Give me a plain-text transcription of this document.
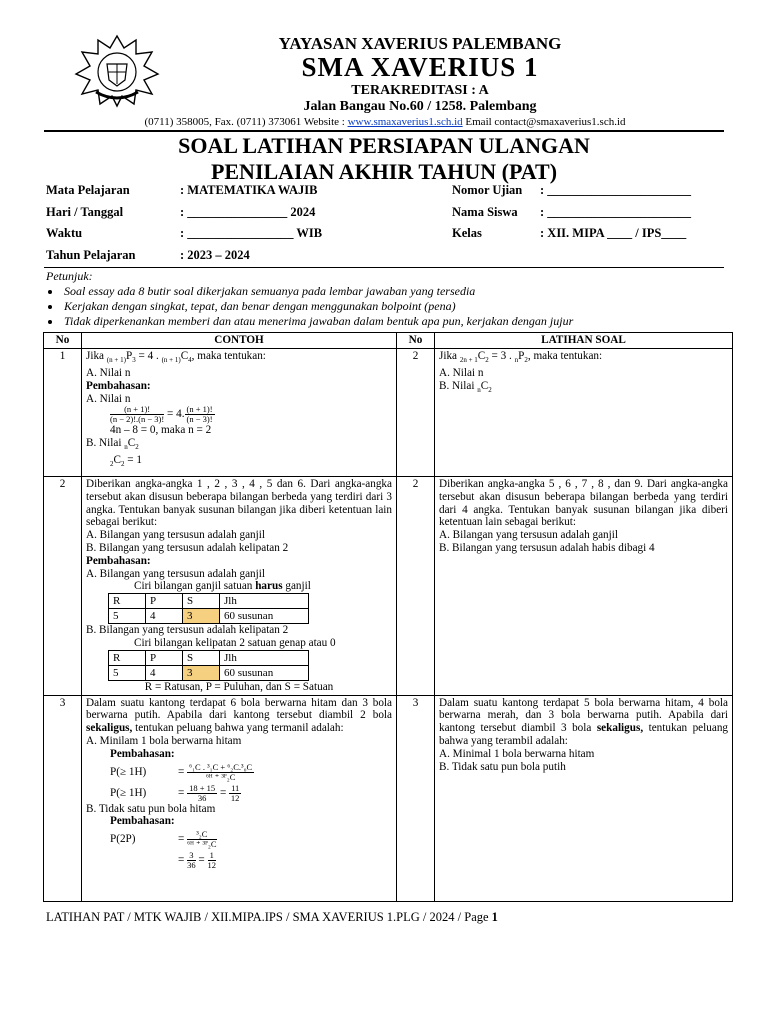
YAYASAN XAVERIUS PALEMBANG
SMA XAVERIUS 1
TERAKREDITASI : A
Jalan Bangau No.60 / 1258. Palembang
(0711) 358005, Fax. (0711) 373061 Website : www.smaxaverius1.sch.id Email contact@smaxaverius1.sch.id
SOAL LATIHAN PERSIAPAN ULANGAN
PENILAIAN AKHIR TAHUN (PAT)
Mata Pelajaran	: MATEMATIKA WAJIB
Hari / Tanggal	: ________________ 2024
Waktu	: _________________ WIB
Tahun Pelajaran	: 2023 – 2024
Nomor Ujian : _______________________
Nama Siswa : _______________________
Kelas	: XII. MIPA ____ / IPS____
Petunjuk:
• Soal essay ada 8 butir soal dikerjakan semuanya pada lembar jawaban yang tersedia
• Kerjakan dengan singkat, tepat, dan benar dengan menggunakan bolpoint (pena)
• Tidak diperkenankan memberi dan atau menerima jawaban dalam bentuk apa pun, kerjakan dengan jujur
No	CONTOH	No	LATIHAN SOAL
1	Jika $_{(n + 1)}P_3 = 4$ . $_{(n + 1)}C_4$, maka tentukan:
A. Nilai n
Pembahasan:
A. Nilai n
$\frac{(n + 1)!}{(n - 2)!.(n - 3)!} = 4$. $\frac{(n + 1)!}{(n - 3)!}$
4n – 8 = 0, maka n = 2
B. Nilai $_nC_2$
$_2C_2 = 1$
	2	Jika $_{2n + 1}C_2 = 3$ . $_nP_2$, maka tentukan:
A. Nilai n
B. Nilai $_nC_2$

2	Diberikan angka-angka 1 , 2 , 3 , 4 , 5 dan 6. Dari angka-angka tersebut akan disusun beberapa bilangan berbeda yang terdiri dari 3 angka. Tentukan banyak susunan bilangan jika diberi ketentuan lain sebagai berikut:
A. Bilangan yang tersusun adalah ganjil
B. Bilangan yang tersusun adalah kelipatan 2
Pembahasan:
A. Bilangan yang tersusun adalah ganjil
Ciri bilangan ganjil satuan harus ganjil
R	P	S	Jlh
5	4	3	60 susunan
B. Bilangan yang tersusun adalah kelipatan 2
Ciri bilangan kelipatan 2 satuan genap atau 0
R	P	S	Jlh
5	4	3	60 susunan
R = Ratusan, P = Puluhan, dan S = Satuan
	2	Diberikan angka-angka 5 , 6 , 7 , 8 , dan 9. Dari angka-angka tersebut akan disusun beberapa bilangan berbeda yang terdiri dari 4 angka. Tentukan banyak susunan bilangan jika diberi ketentuan lain sebagai berikut:
A. Bilangan yang tersusun adalah ganjil
B. Bilangan yang tersusun adalah habis dibagi 4

3	Dalam suatu kantong terdapat 6 bola berwarna hitam dan 3 bola berwarna putih. Apabila dari kantong tersebut diambil 2 bola sekaligus, tentukan peluang bahwa yang termanil adalah:
A. Minilam 1 bola berwarna hitam
Pembahasan:
P(≥ 1H)	= $\frac{\text{⁶₁C . ³₁C + ⁶₂C.³₀C}}{\text{⁶ᴴ ⁺ ³ᴾ₂C}}$
P(≥ 1H)	= $\frac{18 + 15}{36} = \frac{11}{12}$
B. Tidak satu pun bola hitam
Pembahasan:
P(2P)	= $\frac{\text{³₂C}}{\text{⁶ᴴ ⁺ ³ᴾ₂C}}$
= $\frac{3}{36} = \frac{1}{12}$
	3	Dalam suatu kantong terdapat 5 bola berwarna hitam, 4 bola berwarna merah, dan 3 bola berwarna putih. Apabila dari kantong tersebut diambil 3 bola sekaligus, tentukan peluang bahwa yang terambil adalah:
A. Minimal 1 bola berwarna hitam
B. Tidak satu pun bola putih
LATIHAN PAT / MTK WAJIB / XII.MIPA.IPS / SMA XAVERIUS 1.PLG / 2024 / Page 1
